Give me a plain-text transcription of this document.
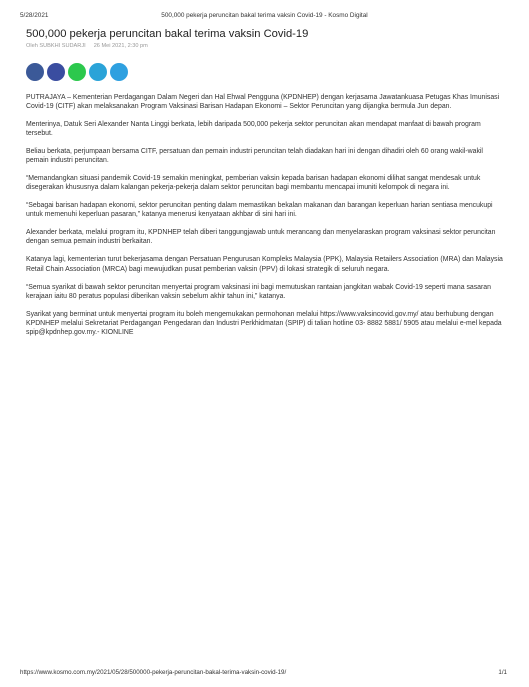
5/28/2021	500,000 pekerja peruncitan bakal terima vaksin Covid-19 - Kosmo Digital
500,000 pekerja peruncitan bakal terima vaksin Covid-19
Oleh SUBKHI SUDARJI 26 Mei 2021, 2:30 pm

PUTRAJAYA – Kementerian Perdagangan Dalam Negeri dan Hal Ehwal Pengguna (KPDNHEP) dengan kerjasama Jawatankuasa Petugas Khas Imunisasi Covid-19 (CITF) akan melaksanakan Program Vaksinasi Barisan Hadapan Ekonomi – Sektor Peruncitan yang dijangka bermula Jun depan.

Menterinya, Datuk Seri Alexander Nanta Linggi berkata, lebih daripada 500,000 pekerja sektor peruncitan akan mendapat manfaat di bawah program tersebut.

Beliau berkata, perjumpaan bersama CITF, persatuan dan pemain industri peruncitan telah diadakan hari ini dengan dihadiri oleh 60 orang wakil-wakil pemain industri peruncitan.

“Memandangkan situasi pandemik Covid-19 semakin meningkat, pemberian vaksin kepada barisan hadapan ekonomi dilihat sangat mendesak untuk disegerakan khususnya dalam kalangan pekerja-pekerja dalam sektor peruncitan bagi membantu mencapai imuniti kelompok di negara ini.

“Sebagai barisan hadapan ekonomi, sektor peruncitan penting dalam memastikan bekalan makanan dan barangan keperluan harian sentiasa mencukupi untuk memenuhi keperluan pasaran,” katanya menerusi kenyataan akhbar di sini hari ini.

Alexander berkata, melalui program itu, KPDNHEP telah diberi tanggungjawab untuk merancang dan menyelaraskan program vaksinasi sektor peruncitan dengan semua pemain industri berkaitan.

Katanya lagi, kementerian turut bekerjasama dengan Persatuan Pengurusan Kompleks Malaysia (PPK), Malaysia Retailers Association (MRA) dan Malaysia Retail Chain Association (MRCA) bagi mewujudkan pusat pemberian vaksin (PPV) di lokasi strategik di seluruh negara.

“Semua syarikat di bawah sektor peruncitan menyertai program vaksinasi ini bagi memutuskan rantaian jangkitan wabak Covid-19 seperti mana sasaran kerajaan iaitu 80 peratus populasi diberikan vaksin sebelum akhir tahun ini,” katanya.

Syarikat yang berminat untuk menyertai program itu boleh mengemukakan permohonan melalui https://www.vaksincovid.gov.my/ atau berhubung dengan KPDNHEP melalui Sekretariat Perdagangan Pengedaran dan Industri Perkhidmatan (SPIP) di talian hotline 03- 8882 5881/ 5905 atau melalui e-mel kepada spip@kpdnhep.gov.my.- KIONLINE

https://www.kosmo.com.my/2021/05/28/500000-pekerja-peruncitan-bakal-terima-vaksin-covid-19/	1/1
